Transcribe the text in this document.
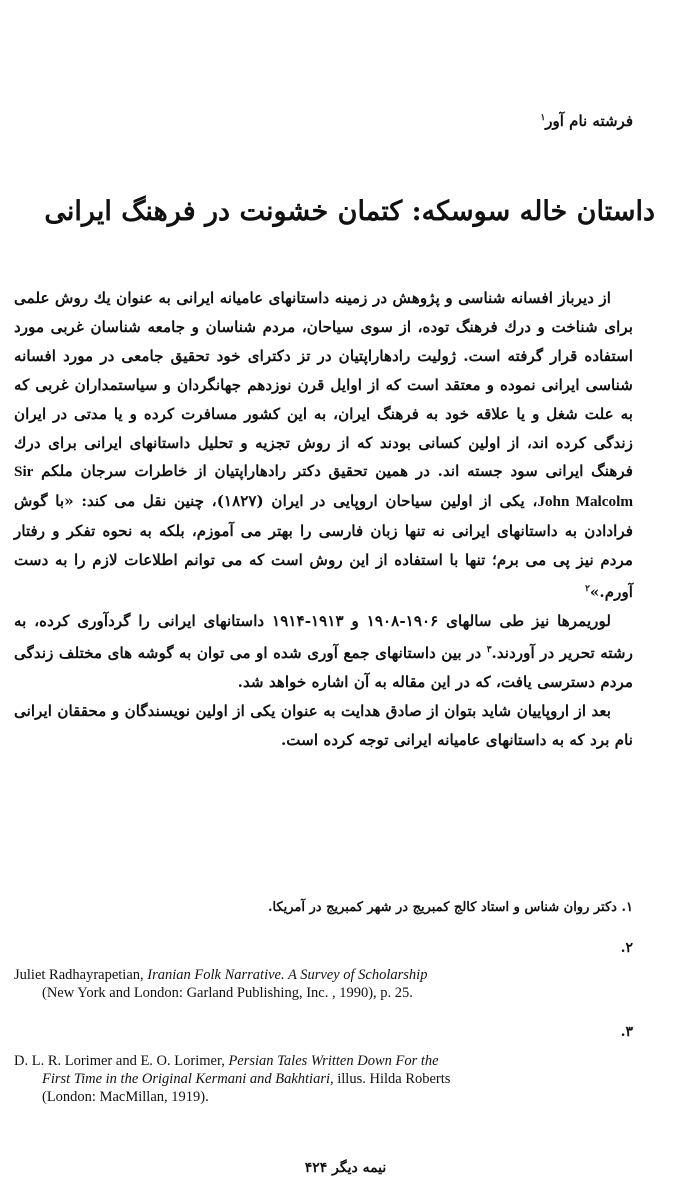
فرشته نام آور$^۱$
داستان خاله سوسکه: کتمان خشونت در فرهنگ ایرانی

از دیرباز افسانه شناسی و پژوهش در زمینه داستانهای عامیانه ایرانی به عنوان یك روش علمی برای شناخت و درك فرهنگ توده، از سوی سیاحان، مردم شناسان و جامعه شناسان غربی مورد استفاده قرار گرفته است. ژولیت رادهاراپتیان در تز دکترای خود تحقیق جامعی در مورد افسانه شناسی ایرانی نموده و معتقد است که از اوایل قرن نوزدهم جهانگردان و سیاستمداران غربی که به علت شغل و یا علاقه خود به فرهنگ ایران، به این کشور مسافرت کرده و یا مدتی در ایران زندگی کرده اند، از اولین کسانی بودند که از روش تجزیه و تحلیل داستانهای ایرانی برای درك فرهنگ ایرانی سود جسته اند. در همین تحقیق دکتر رادهاراپتیان از خاطرات سرجان ملکم Sir John Malcolm، یکی از اولین سیاحان اروپایی در ایران (۱۸۲۷)، چنین نقل می کند: «با گوش فرادادن به داستانهای ایرانی نه تنها زبان فارسی را بهتر می آموزم، بلکه به نحوه تفکر و رفتار مردم نیز پی می برم؛ تنها با استفاده از این روش است که می توانم اطلاعات لازم را به دست آورم.»$^۲$

لوریمرها نیز طی سالهای ۱۹۰۶-۱۹۰۸ و ۱۹۱۳-۱۹۱۴ داستانهای ایرانی را گردآوری کرده، به رشته تحریر در آوردند.$^۳$ در بین داستانهای جمع آوری شده او می توان به گوشه های مختلف زندگی مردم دسترسی یافت، که در این مقاله به آن اشاره خواهد شد.

بعد از اروپاییان شاید بتوان از صادق هدایت به عنوان یکی از اولین نویسندگان و محققان ایرانی نام برد که به داستانهای عامیانه ایرانی توجه کرده است.

۱. دکتر روان شناس و استاد کالج کمبریج در شهر کمبریج در آمریکا.
۲.
Juliet Radhayrapetian, Iranian Folk Narrative. A Survey of Scholarship
(New York and London: Garland Publishing, Inc. , 1990), p. 25.
۳.
D. L. R. Lorimer and E. O. Lorimer, Persian Tales Written Down For the
First Time in the Original Kermani and Bakhtiari, illus. Hilda Roberts
(London: MacMillan, 1919).
نیمه دیگر ۴۲۴
